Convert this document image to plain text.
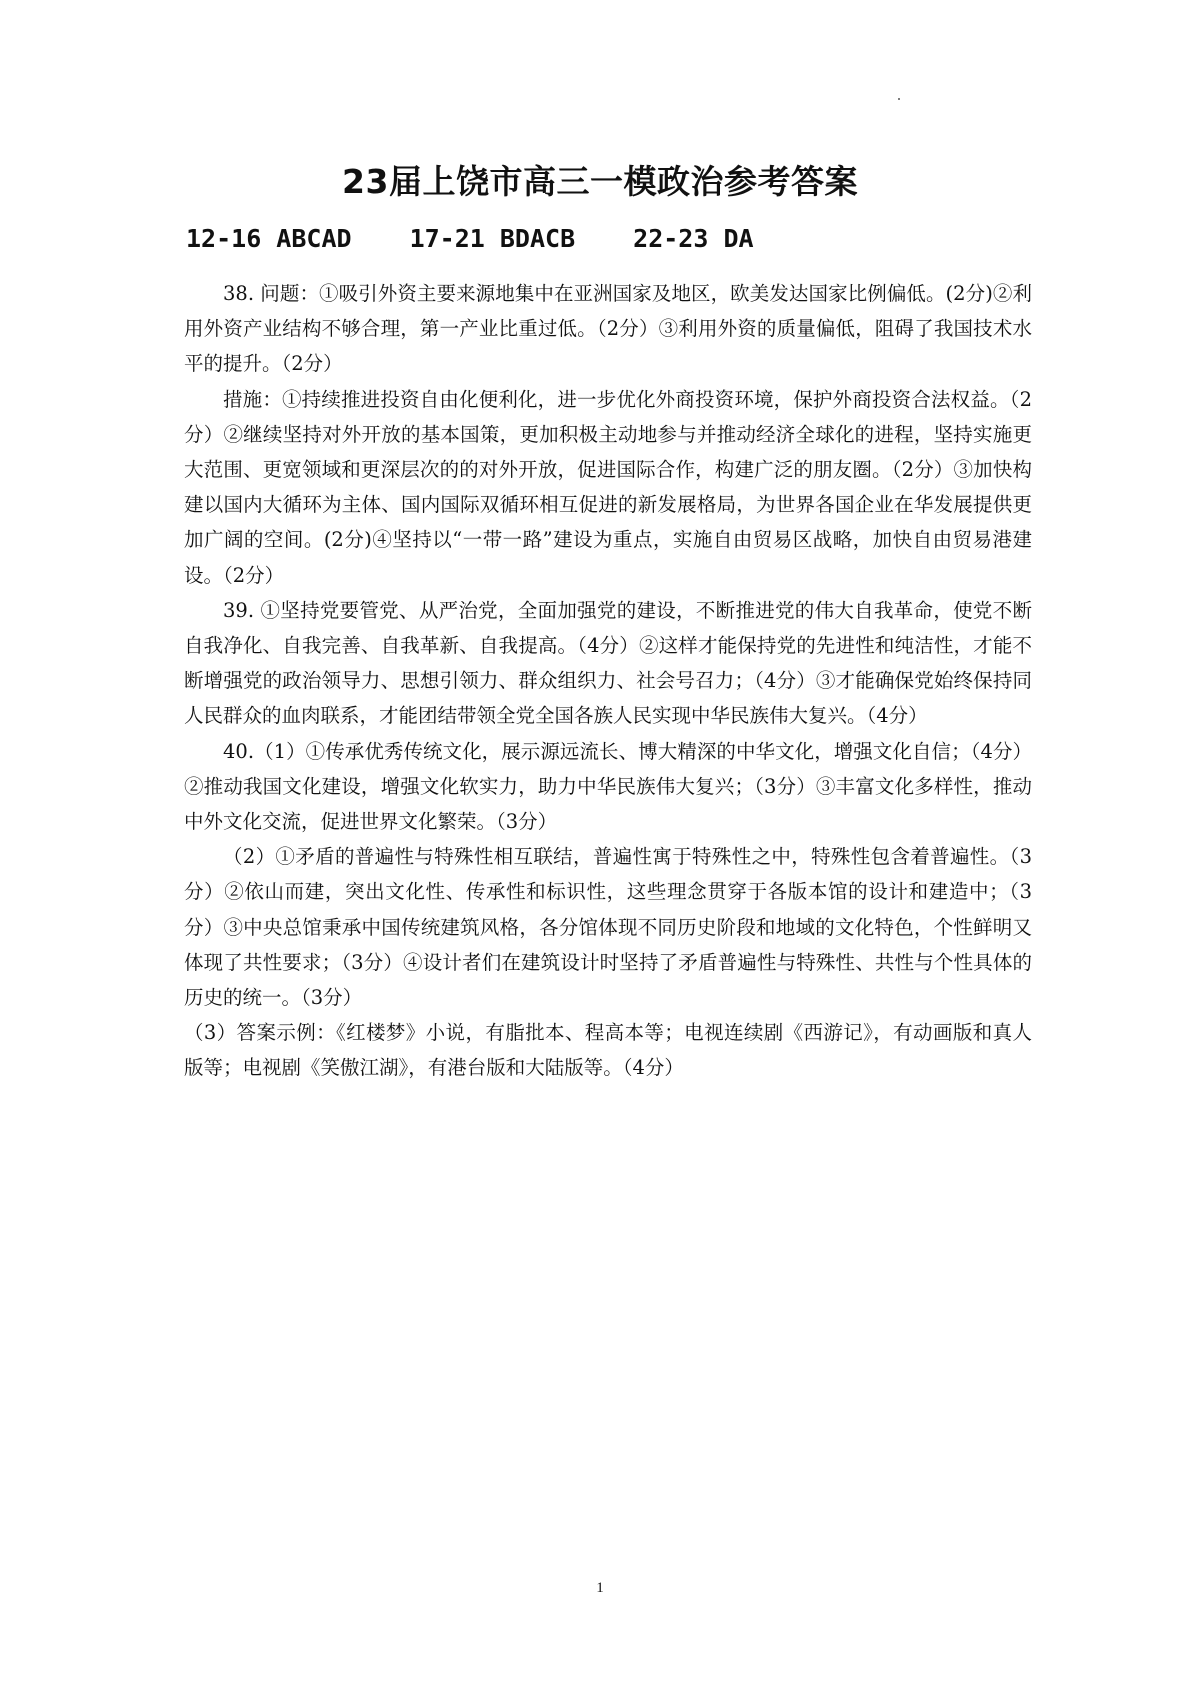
23届上饶市高三一模政治参考答案
12-16 ABCAD 17-21 BDACB 22-23 DA

38. 问题：①吸引外资主要来源地集中在亚洲国家及地区，欧美发达国家比例偏低。(2分)②利用外资产业结构不够合理，第一产业比重过低。（2分）③利用外资的质量偏低，阻碍了我国技术水平的提升。（2分）

措施：①持续推进投资自由化便利化，进一步优化外商投资环境，保护外商投资合法权益。（2分）②继续坚持对外开放的基本国策，更加积极主动地参与并推动经济全球化的进程，坚持实施更大范围、更宽领域和更深层次的的对外开放，促进国际合作，构建广泛的朋友圈。（2分）③加快构建以国内大循环为主体、国内国际双循环相互促进的新发展格局，为世界各国企业在华发展提供更加广阔的空间。(2分)④坚持以“一带一路”建设为重点，实施自由贸易区战略，加快自由贸易港建设。（2分）

39. ①坚持党要管党、从严治党，全面加强党的建设，不断推进党的伟大自我革命，使党不断自我净化、自我完善、自我革新、自我提高。（4分）②这样才能保持党的先进性和纯洁性，才能不断增强党的政治领导力、思想引领力、群众组织力、社会号召力；（4分）③才能确保党始终保持同人民群众的血肉联系，才能团结带领全党全国各族人民实现中华民族伟大复兴。（4分）

40.（1）①传承优秀传统文化，展示源远流长、博大精深的中华文化，增强文化自信；（4分）②推动我国文化建设，增强文化软实力，助力中华民族伟大复兴；（3分）③丰富文化多样性，推动中外文化交流，促进世界文化繁荣。（3分）

（2）①矛盾的普遍性与特殊性相互联结，普遍性寓于特殊性之中，特殊性包含着普遍性。（3分）②依山而建，突出文化性、传承性和标识性，这些理念贯穿于各版本馆的设计和建造中；（3分）③中央总馆秉承中国传统建筑风格，各分馆体现不同历史阶段和地域的文化特色，个性鲜明又体现了共性要求；（3分）④设计者们在建筑设计时坚持了矛盾普遍性与特殊性、共性与个性具体的历史的统一。（3分）

（3）答案示例：《红楼梦》小说，有脂批本、程高本等；电视连续剧《西游记》，有动画版和真人版等；电视剧《笑傲江湖》，有港台版和大陆版等。（4分）

1
